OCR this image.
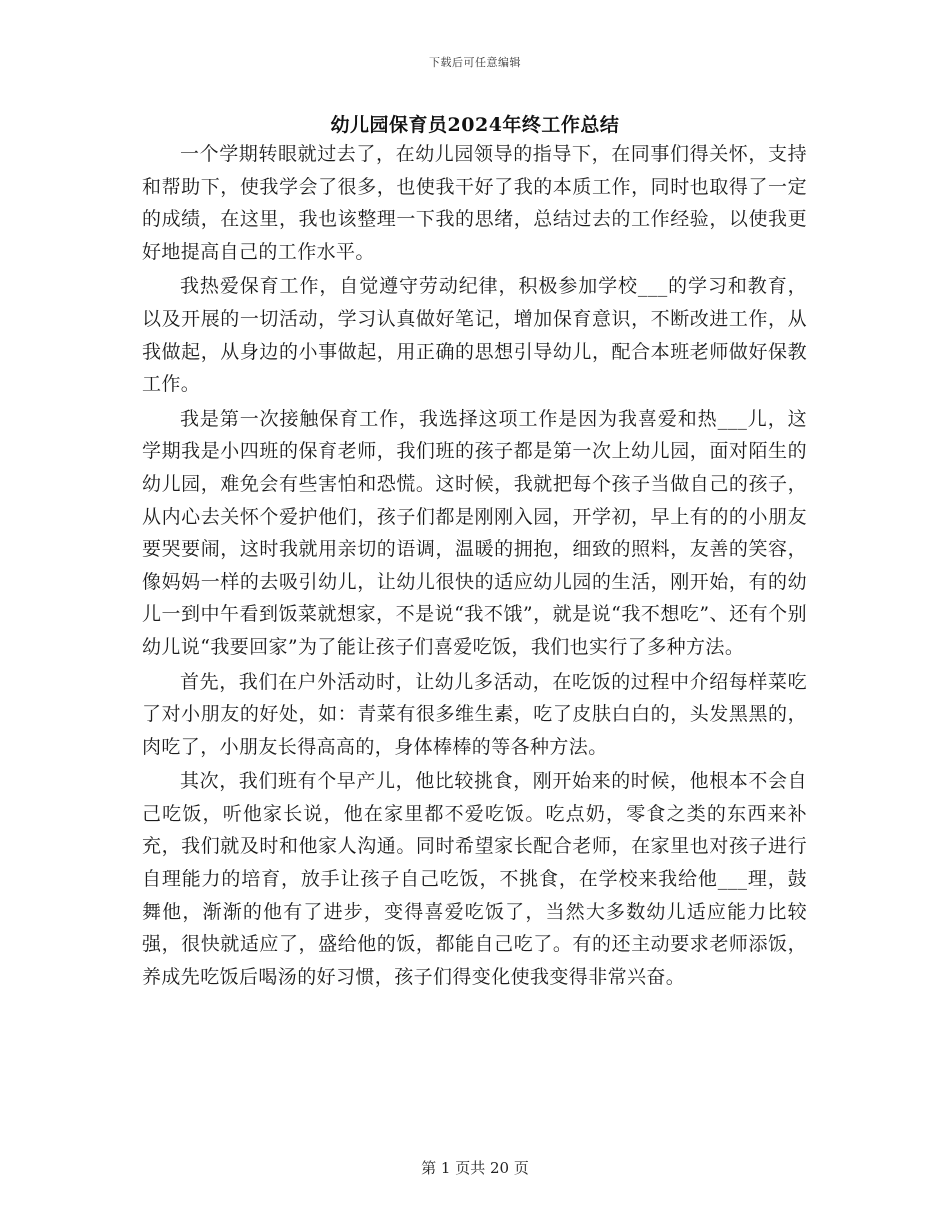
下载后可任意编辑
幼儿园保育员2024年终工作总结

一个学期转眼就过去了，在幼儿园领导的指导下，在同事们得关怀，支持和帮助下，使我学会了很多，也使我干好了我的本质工作，同时也取得了一定的成绩，在这里，我也该整理一下我的思绪，总结过去的工作经验，以使我更好地提高自己的工作水平。

我热爱保育工作，自觉遵守劳动纪律，积极参加学校___的学习和教育，以及开展的一切活动，学习认真做好笔记，增加保育意识，不断改进工作，从我做起，从身边的小事做起，用正确的思想引导幼儿，配合本班老师做好保教工作。

我是第一次接触保育工作，我选择这项工作是因为我喜爱和热___儿，这学期我是小四班的保育老师，我们班的孩子都是第一次上幼儿园，面对陌生的幼儿园，难免会有些害怕和恐慌。这时候，我就把每个孩子当做自己的孩子，从内心去关怀个爱护他们，孩子们都是刚刚入园，开学初，早上有的的小朋友要哭要闹，这时我就用亲切的语调，温暖的拥抱，细致的照料，友善的笑容，像妈妈一样的去吸引幼儿，让幼儿很快的适应幼儿园的生活，刚开始，有的幼儿一到中午看到饭菜就想家，不是说“我不饿”，就是说“我不想吃”、还有个别幼儿说“我要回家”为了能让孩子们喜爱吃饭，我们也实行了多种方法。

首先，我们在户外活动时，让幼儿多活动，在吃饭的过程中介绍每样菜吃了对小朋友的好处，如：青菜有很多维生素，吃了皮肤白白的，头发黑黑的，肉吃了，小朋友长得高高的，身体棒棒的等各种方法。

其次，我们班有个早产儿，他比较挑食，刚开始来的时候，他根本不会自己吃饭，听他家长说，他在家里都不爱吃饭。吃点奶，零食之类的东西来补充，我们就及时和他家人沟通。同时希望家长配合老师，在家里也对孩子进行自理能力的培育，放手让孩子自己吃饭，不挑食，在学校来我给他___理，鼓舞他，渐渐的他有了进步，变得喜爱吃饭了，当然大多数幼儿适应能力比较强，很快就适应了，盛给他的饭，都能自己吃了。有的还主动要求老师添饭，养成先吃饭后喝汤的好习惯，孩子们得变化使我变得非常兴奋。

第 1 页共 20 页
